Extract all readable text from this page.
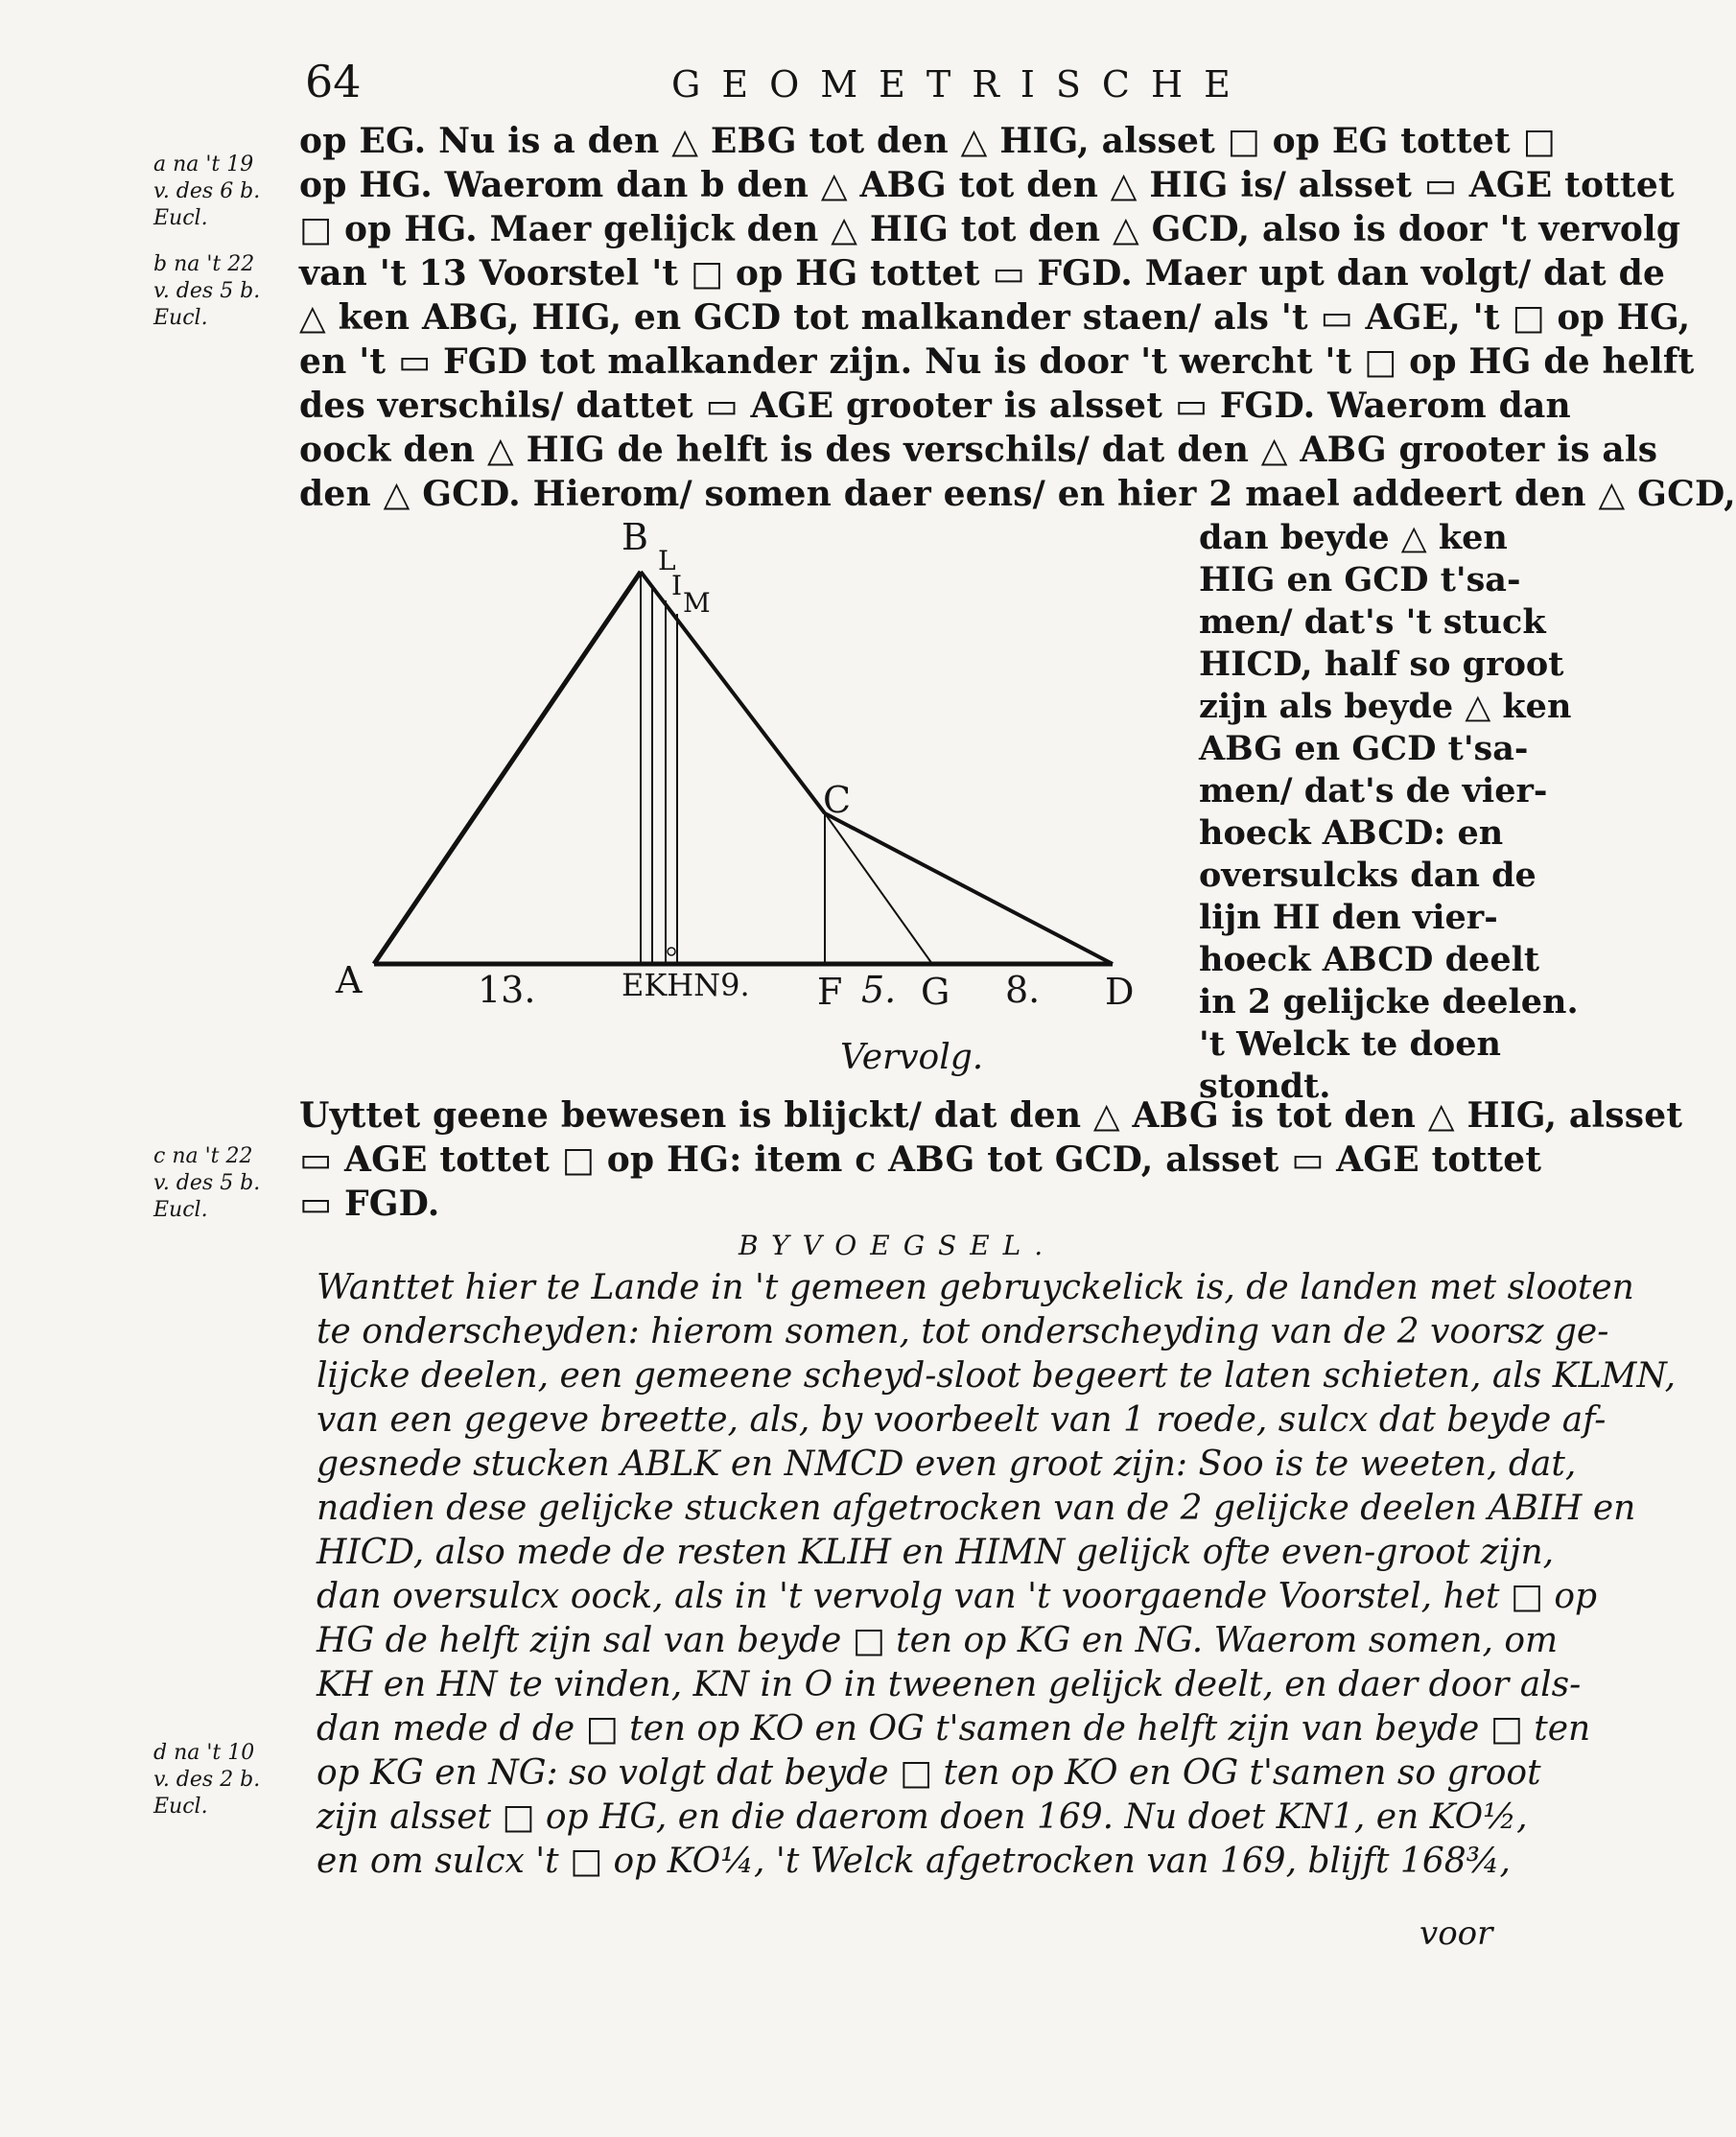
64	GEOMETRISCHE
a na 't 19
v. des 6 b.
Eucl.
b na 't 22
v. des 5 b.
Eucl.
c na 't 22
v. des 5 b.
Eucl.
d na 't 10
v. des 2 b.
Eucl.
op EG. Nu is a den △ EBG tot den △ HIG, alsset □ op EG tottet □
op HG. Waerom dan b den △ ABG tot den △ HIG is/ alsset ▭ AGE tottet
□ op HG. Maer gelijck den △ HIG tot den △ GCD, also is door 't vervolg
van 't 13 Voorstel 't □ op HG tottet ▭ FGD. Maer upt dan volgt/ dat de
△ ken ABG, HIG, en GCD tot malkander staen/ als 't ▭ AGE, 't □ op HG,
en 't ▭ FGD tot malkander zijn. Nu is door 't wercht 't □ op HG de helft
des verschils/ dattet ▭ AGE grooter is alsset ▭ FGD. Waerom dan
oock den △ HIG de helft is des verschils/ dat den △ ABG grooter is als
den △ GCD. Hierom/ somen daer eens/ en hier 2 mael addeert den △ GCD,
dan beyde △ ken
HIG en GCD t'sa-
men/ dat's 't stuck
HICD, half so groot
zijn als beyde △ ken
ABG en GCD t'sa-
men/ dat's de vier-
hoeck ABCD: en
oversulcks dan de
lijn HI den vier-
hoeck ABCD deelt
in 2 gelijcke deelen.
't Welck te doen
stondt.
A
B
C
D
F G
L
I
M
13.	EKHN9.	5.	8.
Vervolg.
Uyttet geene bewesen is blijckt/ dat den △ ABG is tot den △ HIG, alsset
▭ AGE tottet □ op HG: item c ABG tot GCD, alsset ▭ AGE tottet
▭ FGD.
BYVOEGSEL.
Wanttet hier te Lande in 't gemeen gebruyckelick is, de landen met slooten
te onderscheyden: hierom somen, tot onderscheyding van de 2 voorsz ge-
lijcke deelen, een gemeene scheyd-sloot begeert te laten schieten, als KLMN,
van een gegeve breette, als, by voorbeelt van 1 roede, sulcx dat beyde af-
gesnede stucken ABLK en NMCD even groot zijn: Soo is te weeten, dat,
nadien dese gelijcke stucken afgetrocken van de 2 gelijcke deelen ABIH en
HICD, also mede de resten KLIH en HIMN gelijck ofte even-groot zijn,
dan oversulcx oock, als in 't vervolg van 't voorgaende Voorstel, het □ op
HG de helft zijn sal van beyde □ ten op KG en NG. Waerom somen, om
KH en HN te vinden, KN in O in tweenen gelijck deelt, en daer door als-
dan mede d de □ ten op KO en OG t'samen de helft zijn van beyde □ ten
op KG en NG: so volgt dat beyde □ ten op KO en OG t'samen so groot
zijn alsset □ op HG, en die daerom doen 169. Nu doet KN1, en KO½,
en om sulcx 't □ op KO¼, 't Welck afgetrocken van 169, blijft 168¾,
voor
